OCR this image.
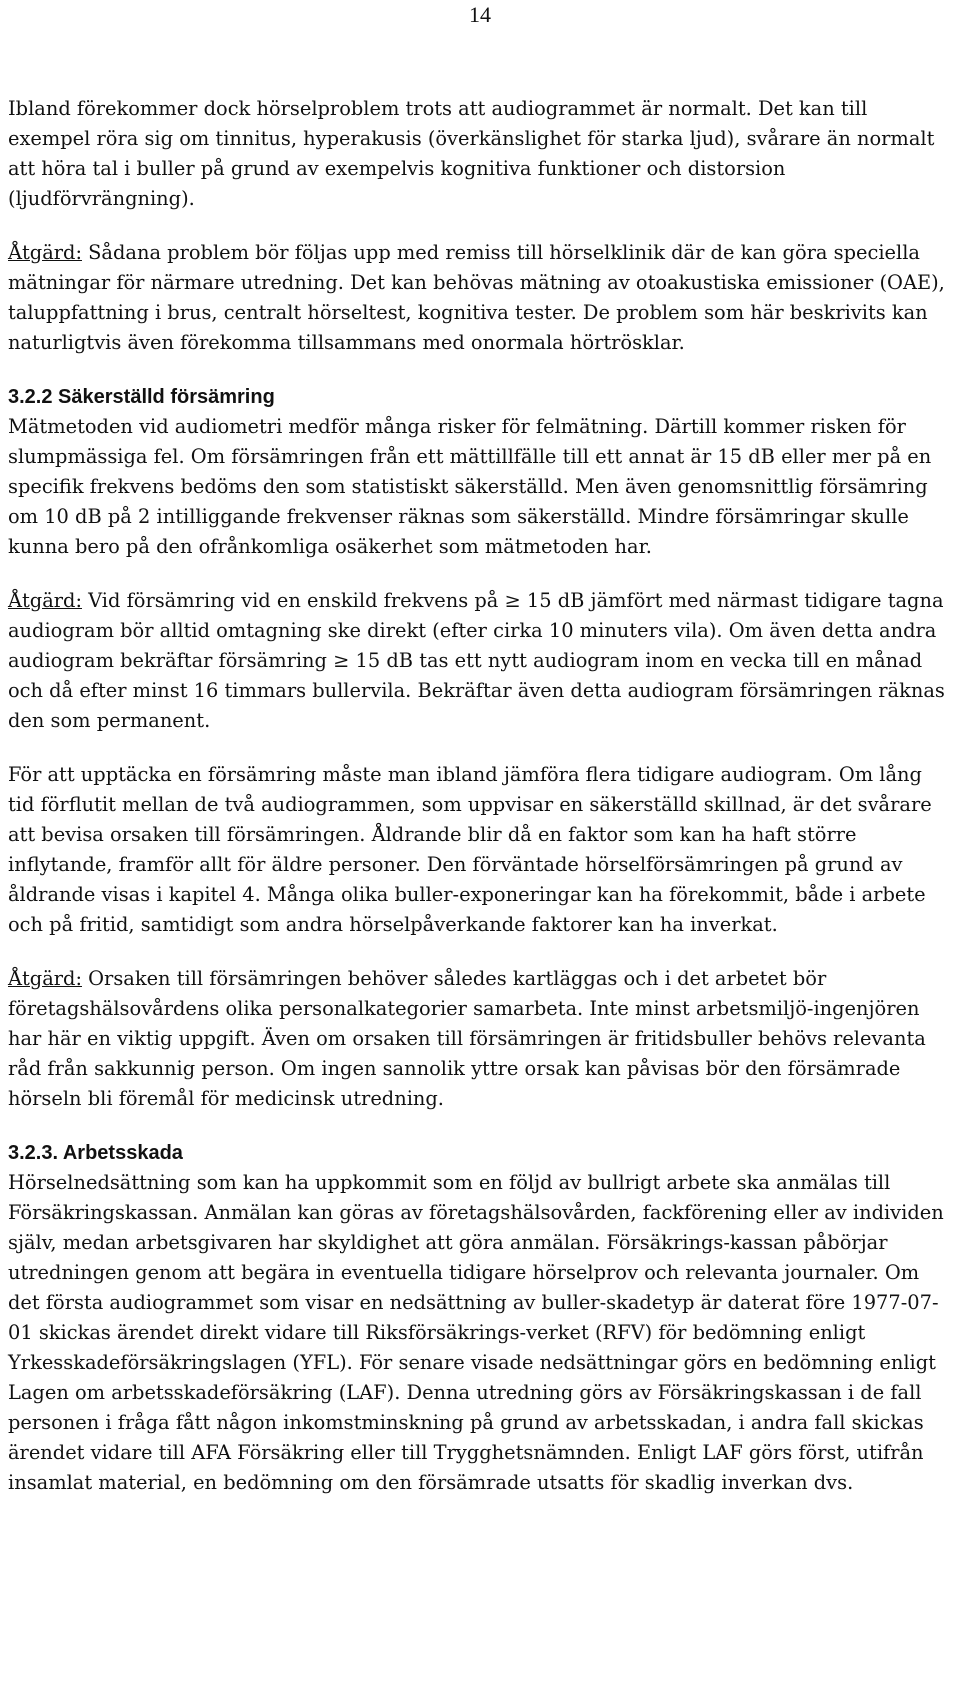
14

Ibland förekommer dock hörselproblem trots att audiogrammet är normalt. Det kan till exempel röra sig om tinnitus, hyperakusis (överkänslighet för starka ljud), svårare än normalt att höra tal i buller på grund av exempelvis kognitiva funktioner och distorsion (ljudförvrängning).

Åtgärd: Sådana problem bör följas upp med remiss till hörselklinik där de kan göra speciella mätningar för närmare utredning. Det kan behövas mätning av otoakustiska emissioner (OAE), taluppfattning i brus, centralt hörseltest, kognitiva tester. De problem som här beskrivits kan naturligtvis även förekomma tillsammans med onormala hörtrösklar.

3.2.2 Säkerställd försämring

Mätmetoden vid audiometri medför många risker för felmätning. Därtill kommer risken för slumpmässiga fel. Om försämringen från ett mättillfälle till ett annat är 15 dB eller mer på en specifik frekvens bedöms den som statistiskt säkerställd. Men även genomsnittlig försämring om 10 dB på 2 intilliggande frekvenser räknas som säkerställd. Mindre försämringar skulle kunna bero på den ofrånkomliga osäkerhet som mätmetoden har.

Åtgärd: Vid försämring vid en enskild frekvens på ≥ 15 dB jämfört med närmast tidigare tagna audiogram bör alltid omtagning ske direkt (efter cirka 10 minuters vila). Om även detta andra audiogram bekräftar försämring ≥ 15 dB tas ett nytt audiogram inom en vecka till en månad och då efter minst 16 timmars bullervila. Bekräftar även detta audiogram försämringen räknas den som permanent.

För att upptäcka en försämring måste man ibland jämföra flera tidigare audiogram. Om lång tid förflutit mellan de två audiogrammen, som uppvisar en säkerställd skillnad, är det svårare att bevisa orsaken till försämringen. Åldrande blir då en faktor som kan ha haft större inflytande, framför allt för äldre personer. Den förväntade hörselförsämringen på grund av åldrande visas i kapitel 4. Många olika buller-exponeringar kan ha förekommit, både i arbete och på fritid, samtidigt som andra hörselpåverkande faktorer kan ha inverkat.

Åtgärd: Orsaken till försämringen behöver således kartläggas och i det arbetet bör företagshälsovårdens olika personalkategorier samarbeta. Inte minst arbetsmiljö-ingenjören har här en viktig uppgift. Även om orsaken till försämringen är fritidsbuller behövs relevanta råd från sakkunnig person. Om ingen sannolik yttre orsak kan påvisas bör den försämrade hörseln bli föremål för medicinsk utredning.

3.2.3. Arbetsskada

Hörselnedsättning som kan ha uppkommit som en följd av bullrigt arbete ska anmälas till Försäkringskassan. Anmälan kan göras av företagshälsovården, fackförening eller av individen själv, medan arbetsgivaren har skyldighet att göra anmälan. Försäkrings-kassan påbörjar utredningen genom att begära in eventuella tidigare hörselprov och relevanta journaler. Om det första audiogrammet som visar en nedsättning av buller-skadetyp är daterat före 1977-07-01 skickas ärendet direkt vidare till Riksförsäkrings-verket (RFV) för bedömning enligt Yrkesskadeförsäkringslagen (YFL). För senare visade nedsättningar görs en bedömning enligt Lagen om arbetsskadeförsäkring (LAF). Denna utredning görs av Försäkringskassan i de fall personen i fråga fått någon inkomstminskning på grund av arbetsskadan, i andra fall skickas ärendet vidare till AFA Försäkring eller till Trygghetsnämnden. Enligt LAF görs först, utifrån insamlat material, en bedömning om den försämrade utsatts för skadlig inverkan dvs.
